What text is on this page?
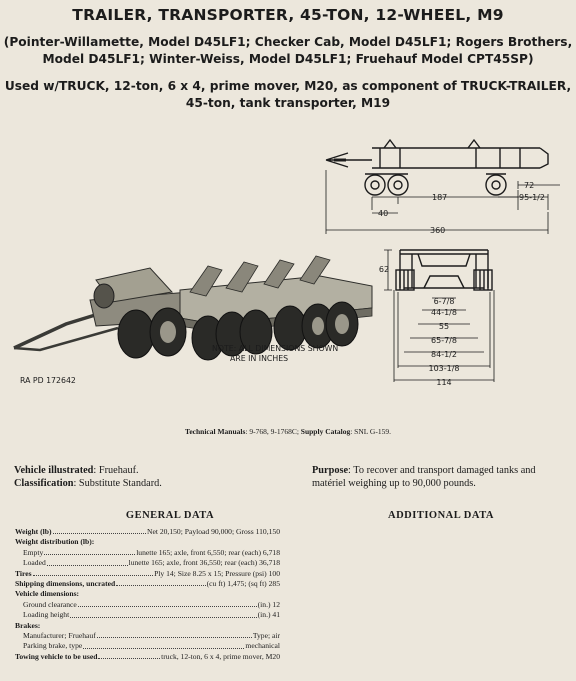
TRAILER, TRANSPORTER, 45-TON, 12-WHEEL, M9
(Pointer-Willamette, Model D45LF1; Checker Cab, Model D45LF1; Rogers Brothers,
Model D45LF1; Winter-Weiss, Model D45LF1; Fruehauf Model CPT45SP)
Used w/TRUCK, 12-ton, 6 x 4, prime mover, M20, as component of TRUCK-TRAILER,
45-ton, tank transporter, M19
72
187
40
95-1/2
360
62
6-7/8
44-1/8
55
65-7/8
84-1/2
103-1/8
114
NOTE: ALL DIMENSIONS SHOWN
ARE IN INCHES
RA PD 172642
Technical Manuals: 9-768, 9-1768C; Supply Catalog: SNL G-159.
Vehicle illustrated: Fruehauf.
Classification: Substitute Standard.
Purpose: To recover and transport damaged tanks and
matériel weighing up to 90,000 pounds.
GENERAL DATA	ADDITIONAL DATA
Weight (lb)	Net 20,150; Payload 90,000; Gross 110,150
Weight distribution (lb):
Empty	lunette 165; axle, front 6,550; rear (each) 6,718
Loaded	lunette 165; axle, front 36,550; rear (each) 36,718
Tires	Ply 14; Size 8.25 x 15; Pressure (psi) 100
Shipping dimensions, uncrated	(cu ft) 1,475; (sq ft) 285
Vehicle dimensions:
Ground clearance	(in.) 12
Loading height	(in.) 41
Brakes:
Manufacturer; Fruehauf	Type; air
Parking brake, type	mechanical
Towing vehicle to be used	truck, 12-ton, 6 x 4, prime mover, M20
